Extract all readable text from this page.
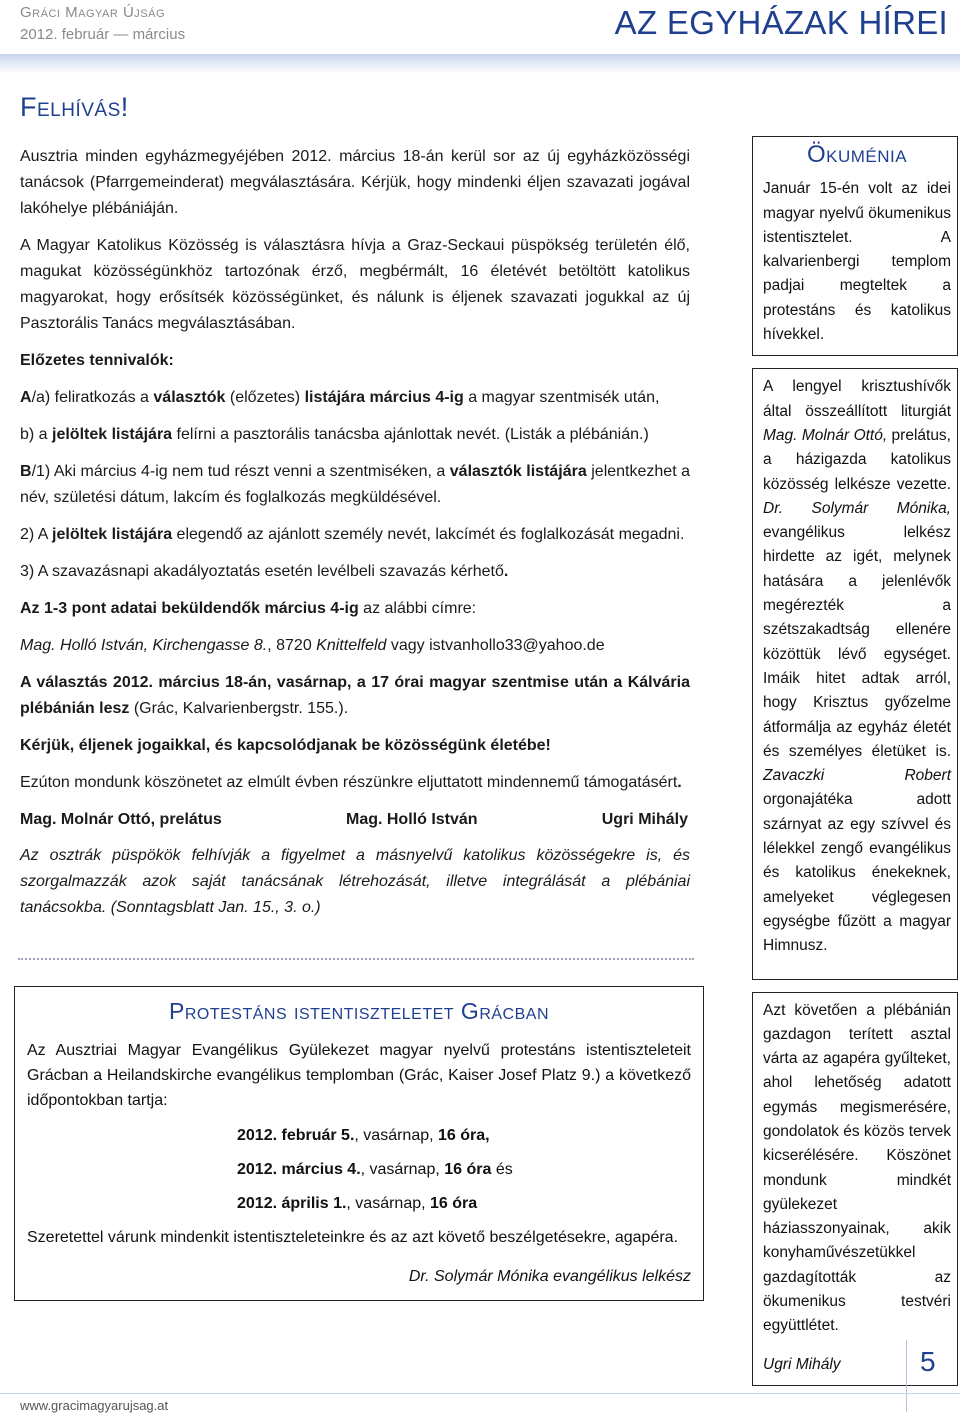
Gráci Magyar Újság
2012. február — március	AZ EGYHÁZAK HÍREI
Felhívás!

Ausztria minden egyházmegyéjében 2012. március 18-án kerül sor az új egyházközösségi tanácsok (Pfarrgemeinderat) megválasztására. Kérjük, hogy mindenki éljen szavazati jogával lakóhelye plébániáján.

A Magyar Katolikus Közösség is választásra hívja a Graz-Seckaui püspökség területén élő, magukat közösségünkhöz tartozónak érző, megbérmált, 16 életévét betöltött katolikus magyarokat, hogy erősítsék közösségünket, és nálunk is éljenek szavazati jogukkal az új Pasztorális Tanács megválasztásában.

Előzetes tennivalók:

A/a) feliratkozás a választók (előzetes) listájára március 4-ig a magyar szentmisék után,

b) a jelöltek listájára felírni a pasztorális tanácsba ajánlottak nevét. (Listák a plébánián.)

B/1) Aki március 4-ig nem tud részt venni a szentmiséken, a választók listájára jelentkezhet a név, születési dátum, lakcím és foglalkozás megküldésével.

2) A jelöltek listájára elegendő az ajánlott személy nevét, lakcímét és foglalkozását megadni.

3) A szavazásnapi akadályoztatás esetén levélbeli szavazás kérhető.

Az 1-3 pont adatai beküldendők március 4-ig az alábbi címre:

Mag. Holló István, Kirchengasse 8., 8720 Knittelfeld vagy istvanhollo33@yahoo.de

A választás 2012. március 18-án, vasárnap, a 17 órai magyar szentmise után a Kálvária plébánián lesz (Grác, Kalvarienbergstr. 155.).

Kérjük, éljenek jogaikkal, és kapcsolódjanak be közösségünk életébe!

Ezúton mondunk köszönetet az elmúlt évben részünkre eljuttatott mindennemű támogatásért.

Mag. Molnár Ottó, prelátus	Mag. Holló István	Ugri Mihály

Az osztrák püspökök felhívják a figyelmet a másnyelvű katolikus közösségekre is, és szorgalmazzák azok saját tanácsának létrehozását, illetve integrálását a plébániai tanácsokba. (Sonntagsblatt Jan. 15., 3. o.)

Protestáns istentiszteletet Grácban

Az Ausztriai Magyar Evangélikus Gyülekezet magyar nyelvű protestáns istentiszteleteit Grácban a Heilandskirche evangélikus templomban (Grác, Kaiser Josef Platz 9.) a következő időpontokban tartja:

2012. február 5., vasárnap, 16 óra,
2012. március 4., vasárnap, 16 óra és
2012. április 1., vasárnap, 16 óra

Szeretettel várunk mindenkit istentiszteleteinkre és az azt követő beszélgetésekre, agapéra.

Dr. Solymár Mónika evangélikus lelkész

Ökuménia

Január 15-én volt az idei magyar nyelvű ökumenikus istentisztelet. A kalvarienbergi templom padjai megteltek a protestáns és katolikus hívekkel.

A lengyel krisztushívők által összeállított liturgiát Mag. Molnár Ottó, prelátus, a házigazda katolikus közösség lelkésze vezette. Dr. Solymár Mónika, evangélikus lelkész hirdette az igét, melynek hatására a jelenlévők megérezték a szétszakadtság ellenére közöttük lévő egységet. Imáik hitet adtak arról, hogy Krisztus győzelme átformálja az egyház életét és személyes életüket is. Zavaczki Robert orgonajátéka adott szárnyat az egy szívvel és lélekkel zengő evangélikus és katolikus énekeknek, amelyeket véglegesen egységbe fűzött a magyar Himnusz.

Azt követően a plébánián gazdagon terített asztal várta az agapéra gyűlteket, ahol lehetőség adatott egymás megismerésére, gondolatok és közös tervek kicserélésére. Köszönet mondunk mindkét gyülekezet háziasszonyainak, akik konyhaművészetükkel gazdagították az ökumenikus testvéri együttlétet.

Ugri Mihály	5
www.gracimagyarujsag.at
